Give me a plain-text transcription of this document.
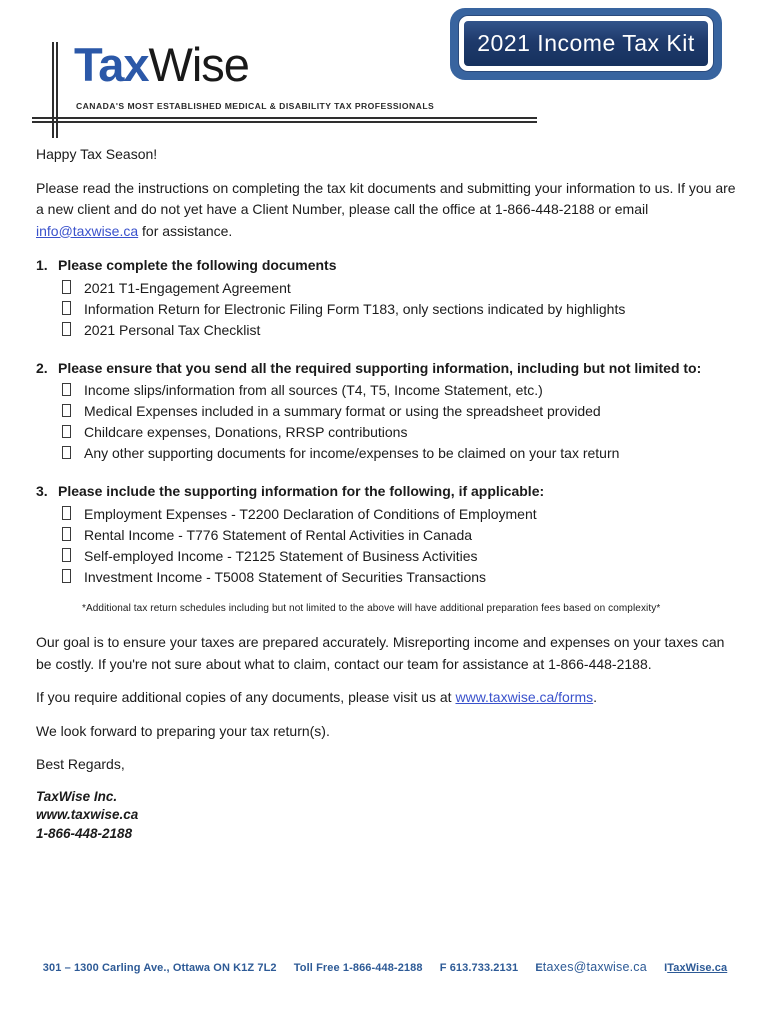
2021 Income Tax Kit
TaxWise
CANADA'S MOST ESTABLISHED MEDICAL & DISABILITY TAX PROFESSIONALS

Happy Tax Season!

Please read the instructions on completing the tax kit documents and submitting your information to us. If you are a new client and do not yet have a Client Number, please call the office at 1-866-448-2188 or email info@taxwise.ca for assistance.

1. Please complete the following documents
2021 T1-Engagement Agreement
Information Return for Electronic Filing Form T183, only sections indicated by highlights
2021 Personal Tax Checklist
2. Please ensure that you send all the required supporting information, including but not limited to:
Income slips/information from all sources (T4, T5, Income Statement, etc.)
Medical Expenses included in a summary format or using the spreadsheet provided
Childcare expenses, Donations, RRSP contributions
Any other supporting documents for income/expenses to be claimed on your tax return
3. Please include the supporting information for the following, if applicable:
Employment Expenses - T2200 Declaration of Conditions of Employment
Rental Income - T776 Statement of Rental Activities in Canada
Self-employed Income - T2125 Statement of Business Activities
Investment Income - T5008 Statement of Securities Transactions

*Additional tax return schedules including but not limited to the above will have additional preparation fees based on complexity*

Our goal is to ensure your taxes are prepared accurately. Misreporting income and expenses on your taxes can be costly. If you're not sure about what to claim, contact our team for assistance at 1-866-448-2188.

If you require additional copies of any documents, please visit us at www.taxwise.ca/forms.

We look forward to preparing your tax return(s).

Best Regards,

TaxWise Inc.
www.taxwise.ca
1-866-448-2188
301 – 1300 Carling Ave., Ottawa ON K1Z 7L2 Toll Free 1-866-448-2188 F 613.733.2131 Etaxes@taxwise.ca ITaxWise.ca
